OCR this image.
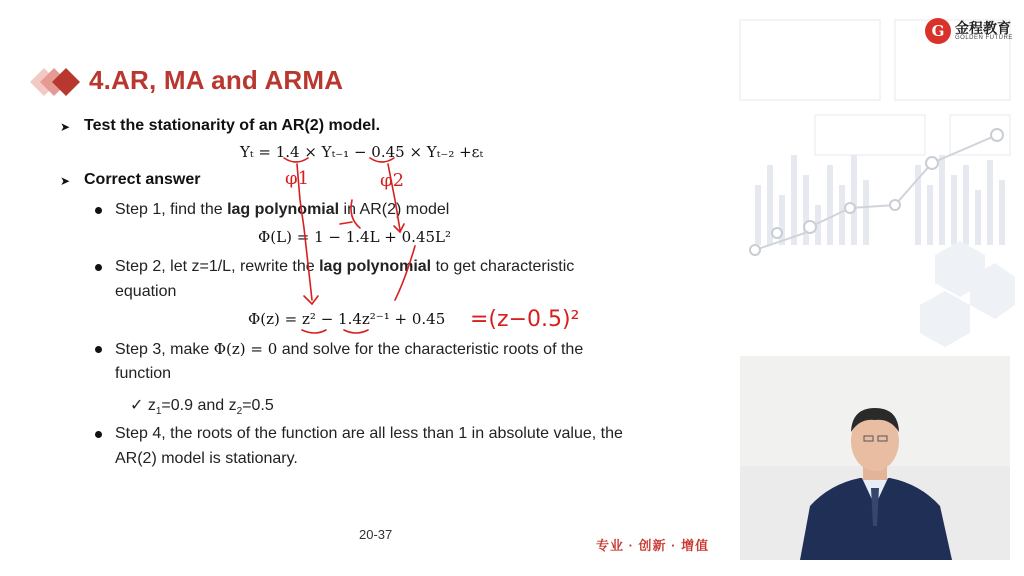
G 金程教育
GOLDEN FUTURE
4.AR, MA and ARMA
➤ Test the stationarity of an AR(2) model.
Yₜ = 1.4 × Yₜ₋₁ − 0.45 × Yₜ₋₂ +εₜ
➤ Correct answer
Step 1, find the lag polynomial in AR(2) model
Φ(L) = 1 − 1.4L + 0.45L²
Step 2, let z=1/L, rewrite the lag polynomial to get characteristic
equation
Φ(z) = z² − 1.4z²⁻¹ + 0.45
Step 3, make Φ(z) = 0 and solve for the characteristic roots of the
function
✓ $z_1=0.9$ and $z_2=0.5$
Step 4, the roots of the function are all less than 1 in absolute value, the
AR(2) model is stationary.
20-37
专业 · 创新 · 增值
φ1	φ2
=(z−0.5)²
